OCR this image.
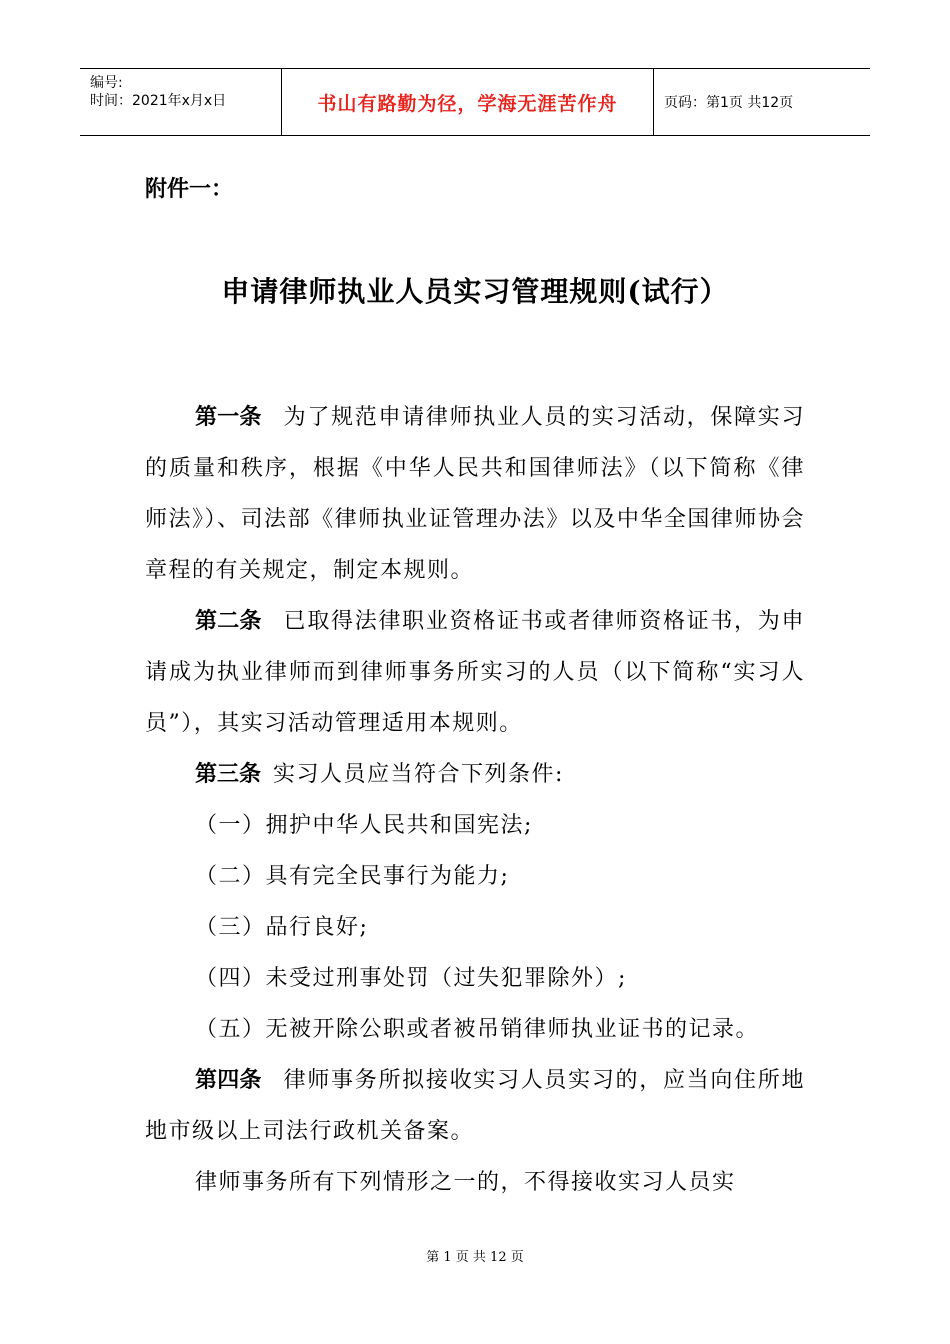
编号:
时间：2021年x月x日	书山有路勤为径，学海无涯苦作舟	页码：第1页 共12页
附件一：
申请律师执业人员实习管理规则(试行）
第一条 为了规范申请律师执业人员的实习活动，保障实习的质量和秩序，根据《中华人民共和国律师法》（以下简称《律师法》）、司法部《律师执业证管理办法》以及中华全国律师协会章程的有关规定，制定本规则。
第二条 已取得法律职业资格证书或者律师资格证书，为申请成为执业律师而到律师事务所实习的人员（以下简称“实习人员”），其实习活动管理适用本规则。
第三条 实习人员应当符合下列条件:
（一）拥护中华人民共和国宪法;
（二）具有完全民事行为能力;
（三）品行良好;
（四）未受过刑事处罚（过失犯罪除外）;
（五）无被开除公职或者被吊销律师执业证书的记录。
第四条 律师事务所拟接收实习人员实习的，应当向住所地地市级以上司法行政机关备案。
律师事务所有下列情形之一的，不得接收实习人员实
第 1 页 共 12 页
